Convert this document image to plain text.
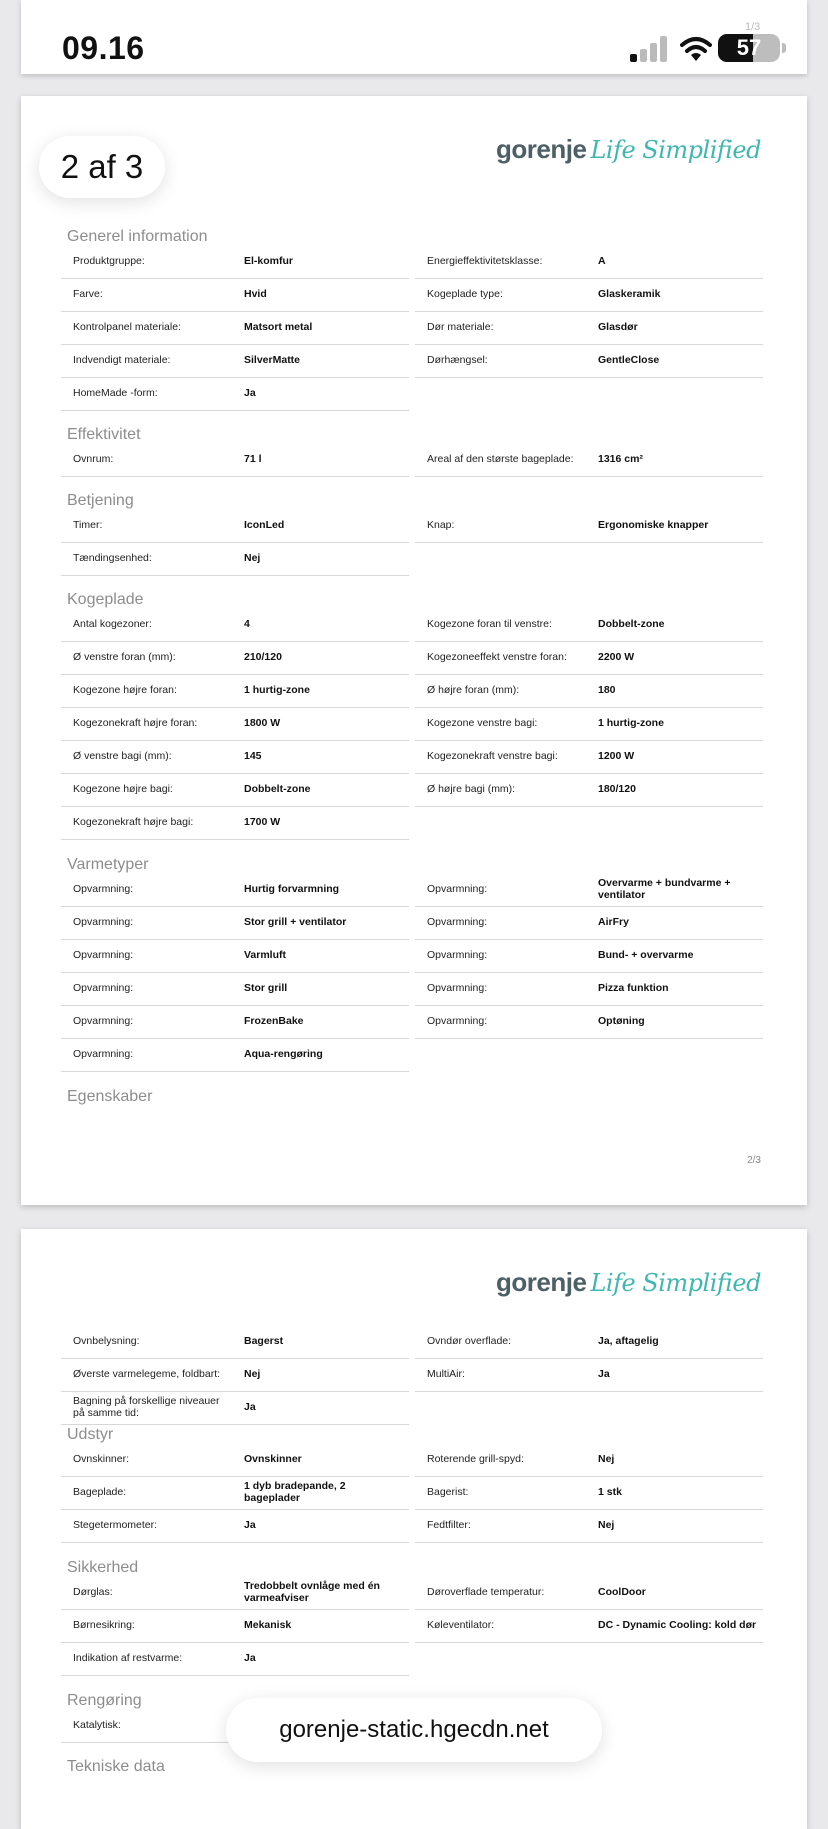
09.16
1/3
57
2 af 3	gorenje Life Simplified
Generel information
Produktgruppe:	El-komfur	Energieffektivitetsklasse:	A
Farve:	Hvid	Kogeplade type:	Glaskeramik
Kontrolpanel materiale:	Matsort metal	Dør materiale:	Glasdør
Indvendigt materiale:	SilverMatte	Dørhængsel:	GentleClose
HomeMade -form:	Ja
Effektivitet
Ovnrum:	71 l	Areal af den største bageplade:	1316 cm²
Betjening
Timer:	IconLed	Knap:	Ergonomiske knapper
Tændingsenhed:	Nej
Kogeplade
Antal kogezoner:	4	Kogezone foran til venstre:	Dobbelt-zone
Ø venstre foran (mm):	210/120	Kogezoneeffekt venstre foran:	2200 W
Kogezone højre foran:	1 hurtig-zone	Ø højre foran (mm):	180
Kogezonekraft højre foran:	1800 W	Kogezone venstre bagi:	1 hurtig-zone
Ø venstre bagi (mm):	145	Kogezonekraft venstre bagi:	1200 W
Kogezone højre bagi:	Dobbelt-zone	Ø højre bagi (mm):	180/120
Kogezonekraft højre bagi:	1700 W
Varmetyper
Opvarmning:	Hurtig forvarmning	Opvarmning:	Overvarme + bundvarme + ventilator
Opvarmning:	Stor grill + ventilator	Opvarmning:	AirFry
Opvarmning:	Varmluft	Opvarmning:	Bund- + overvarme
Opvarmning:	Stor grill	Opvarmning:	Pizza funktion
Opvarmning:	FrozenBake	Opvarmning:	Optøning
Opvarmning:	Aqua-rengøring
Egenskaber
2/3
gorenje Life Simplified
Ovnbelysning:	Bagerst	Ovndør overflade:	Ja, aftagelig
Øverste varmelegeme, foldbart:	Nej	MultiAir:	Ja
Bagning på forskellige niveauer på samme tid:	Ja
Udstyr
Ovnskinner:	Ovnskinner	Roterende grill-spyd:	Nej
Bageplade:	1 dyb bradepande, 2 bageplader	Bagerist:	1 stk
Stegetermometer:	Ja	Fedtfilter:	Nej
Sikkerhed
Dørglas:	Tredobbelt ovnlåge med én varmeafviser	Døroverflade temperatur:	CoolDoor
Børnesikring:	Mekanisk	Køleventilator:	DC - Dynamic Cooling: kold dør
Indikation af restvarme:	Ja
Rengøring
Katalytisk:
Tekniske data
gorenje-static.hgecdn.net
